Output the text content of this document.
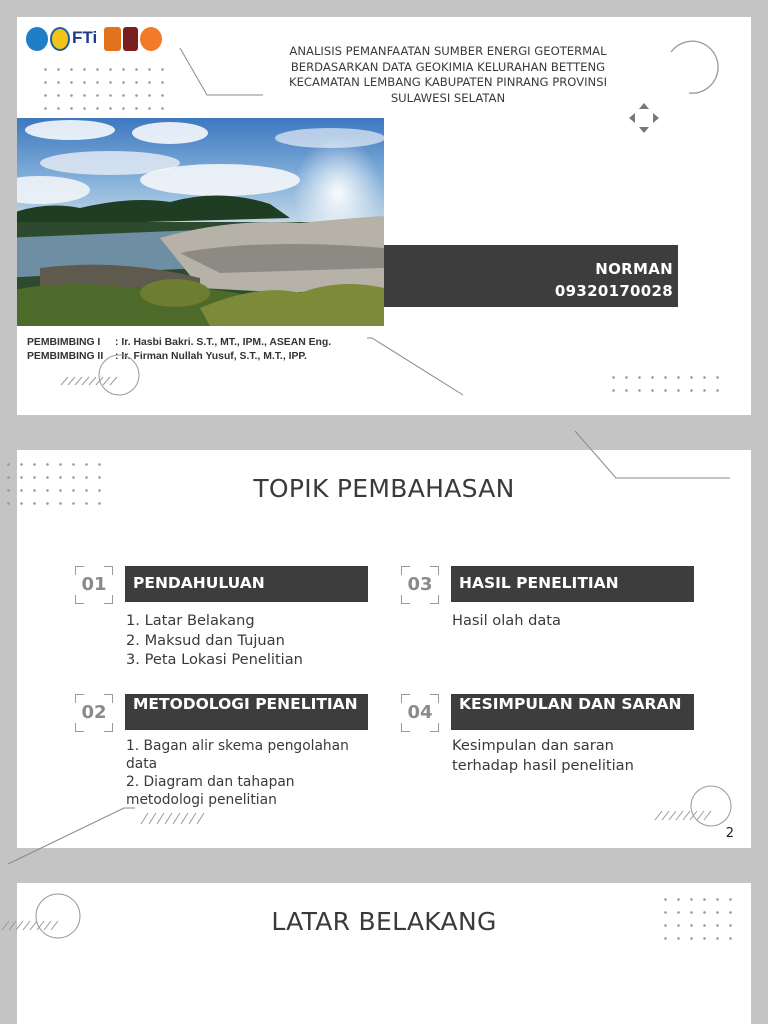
FTi

ANALISIS PEMANFAATAN SUMBER ENERGI GEOTERMAL BERDASARKAN DATA GEOKIMIA KELURAHAN BETTENG KECAMATAN LEMBANG KABUPATEN PINRANG PROVINSI SULAWESI SELATAN

NORMAN
09320170028
PEMBIMBING I : Ir. Hasbi Bakri. S.T., MT., IPM., ASEAN Eng.
PEMBIMBING II : Ir. Firman Nullah Yusuf, S.T., M.T., IPP.
TOPIK PEMBAHASAN
01	PENDAHULUAN
1. Latar Belakang
2. Maksud dan Tujuan
3. Peta Lokasi Penelitian
03	HASIL PENELITIAN
Hasil olah data
02	METODOLOGI PENELITIAN
1. Bagan alir skema pengolahan data
2. Diagram dan tahapan metodologi penelitian
04	KESIMPULAN DAN SARAN
Kesimpulan dan saran terhadap hasil penelitian
2
LATAR BELAKANG
